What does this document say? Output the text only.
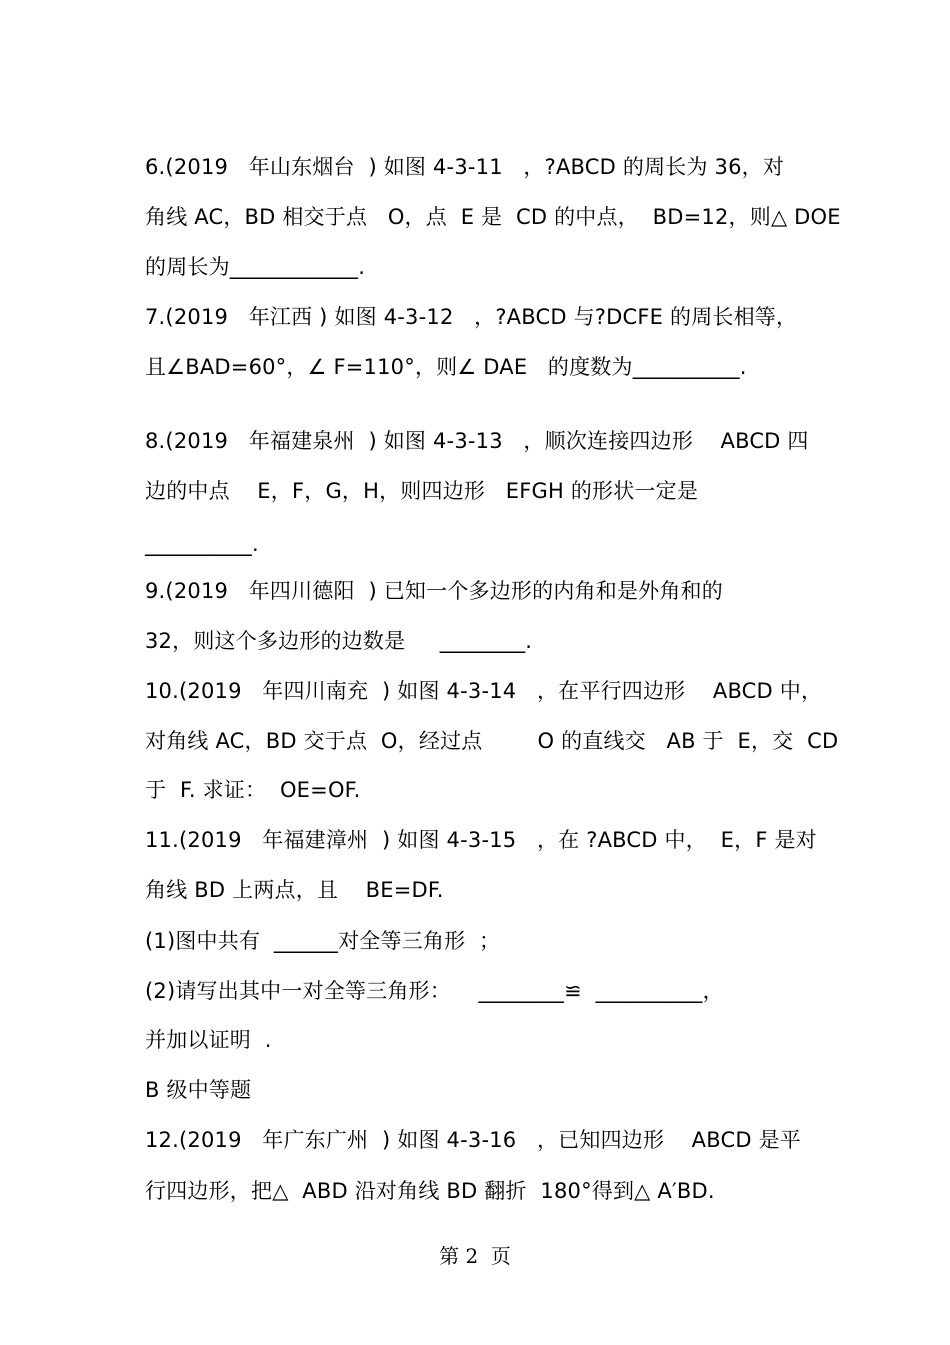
6.(2019   年山东烟台  ) 如图 4-3-11   ，?ABCD 的周长为 36，对
角线 AC，BD 相交于点   O，点  E 是  CD 的中点，  BD=12，则△ DOE
的周长为____________.
7.(2019   年江西 ) 如图 4-3-12   ，?ABCD 与?DCFE 的周长相等，
且∠BAD=60°，∠ F=110°，则∠ DAE   的度数为__________.
8.(2019   年福建泉州  ) 如图 4-3-13   ，顺次连接四边形    ABCD 四
边的中点    E，F，G，H，则四边形   EFGH 的形状一定是
__________.
9.(2019   年四川德阳  ) 已知一个多边形的内角和是外角和的
32，则这个多边形的边数是     ________.
10.(2019   年四川南充  ) 如图 4-3-14   ，在平行四边形    ABCD 中，
对角线 AC，BD 交于点  O，经过点        O 的直线交   AB 于  E，交  CD
于  F. 求证：  OE=OF.
11.(2019   年福建漳州  ) 如图 4-3-15   ，在 ?ABCD 中，  E，F 是对
角线 BD 上两点，且    BE=DF.
(1)图中共有  ______对全等三角形  ；
(2)请写出其中一对全等三角形：    ________≌  __________，
并加以证明  .
B 级中等题
12.(2019   年广东广州  ) 如图 4-3-16   ，已知四边形    ABCD 是平
行四边形，把△  ABD 沿对角线 BD 翻折  180°得到△ A′BD.
第 2  页
